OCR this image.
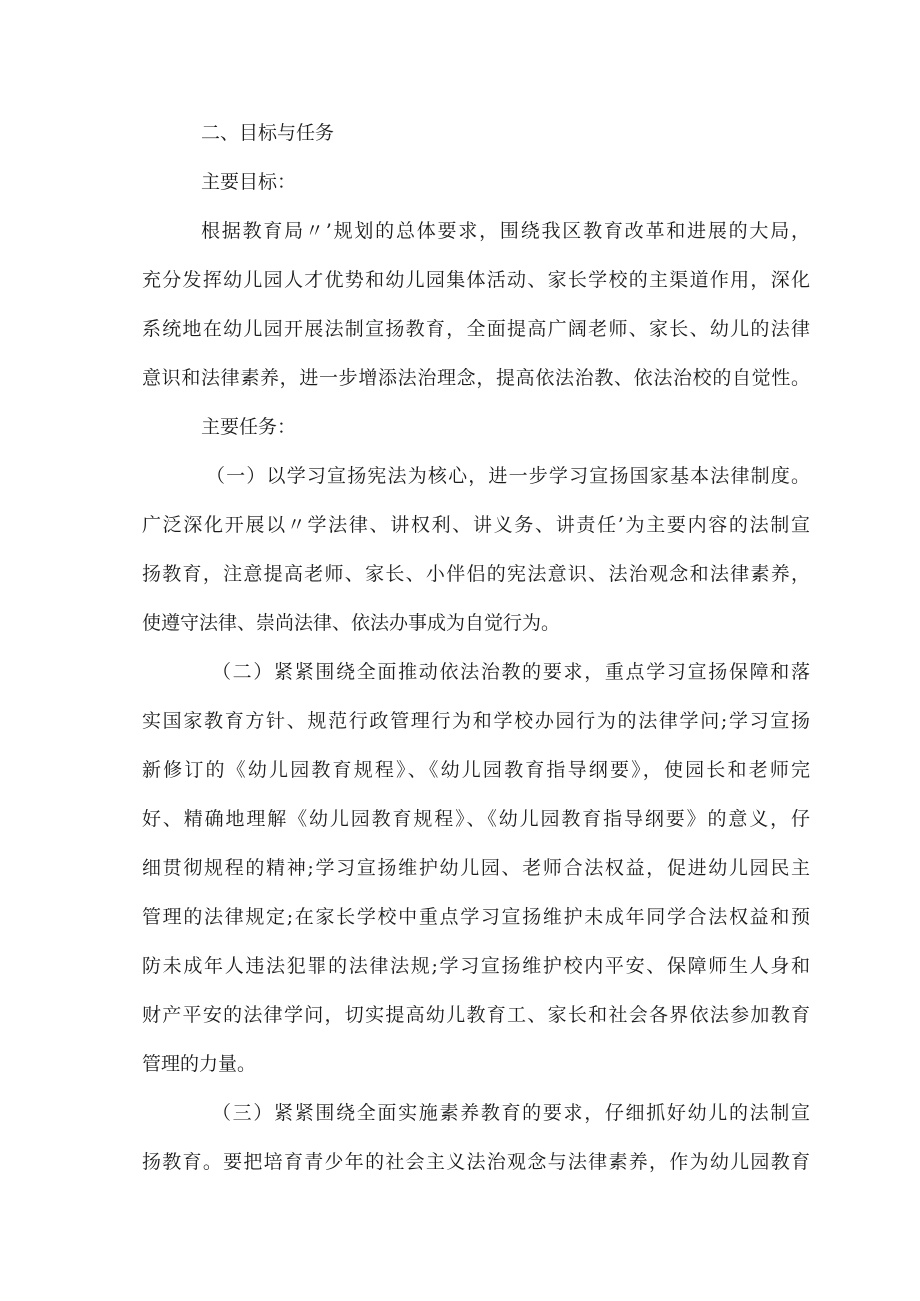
二、目标与任务
主要目标：
根据教育局〃’规划的总体要求，围绕我区教育改革和进展的大局，
充分发挥幼儿园人才优势和幼儿园集体活动、家长学校的主渠道作用，深化
系统地在幼儿园开展法制宣扬教育，全面提高广阔老师、家长、幼儿的法律
意识和法律素养，进一步增添法治理念，提高依法治教、依法治校的自觉性。
主要任务：
（一）以学习宣扬宪法为核心，进一步学习宣扬国家基本法律制度。
广泛深化开展以〃学法律、讲权利、讲义务、讲责任’为主要内容的法制宣
扬教育，注意提高老师、家长、小伴侣的宪法意识、法治观念和法律素养，
使遵守法律、崇尚法律、依法办事成为自觉行为。
（二）紧紧围绕全面推动依法治教的要求，重点学习宣扬保障和落
实国家教育方针、规范行政管理行为和学校办园行为的法律学问;学习宣扬
新修订的《幼儿园教育规程》、《幼儿园教育指导纲要》，使园长和老师完
好、精确地理解《幼儿园教育规程》、《幼儿园教育指导纲要》的意义，仔
细贯彻规程的精神;学习宣扬维护幼儿园、老师合法权益，促进幼儿园民主
管理的法律规定;在家长学校中重点学习宣扬维护未成年同学合法权益和预
防未成年人违法犯罪的法律法规;学习宣扬维护校内平安、保障师生人身和
财产平安的法律学问，切实提高幼儿教育工、家长和社会各界依法参加教育
管理的力量。
（三）紧紧围绕全面实施素养教育的要求，仔细抓好幼儿的法制宣
扬教育。要把培育青少年的社会主义法治观念与法律素养，作为幼儿园教育
